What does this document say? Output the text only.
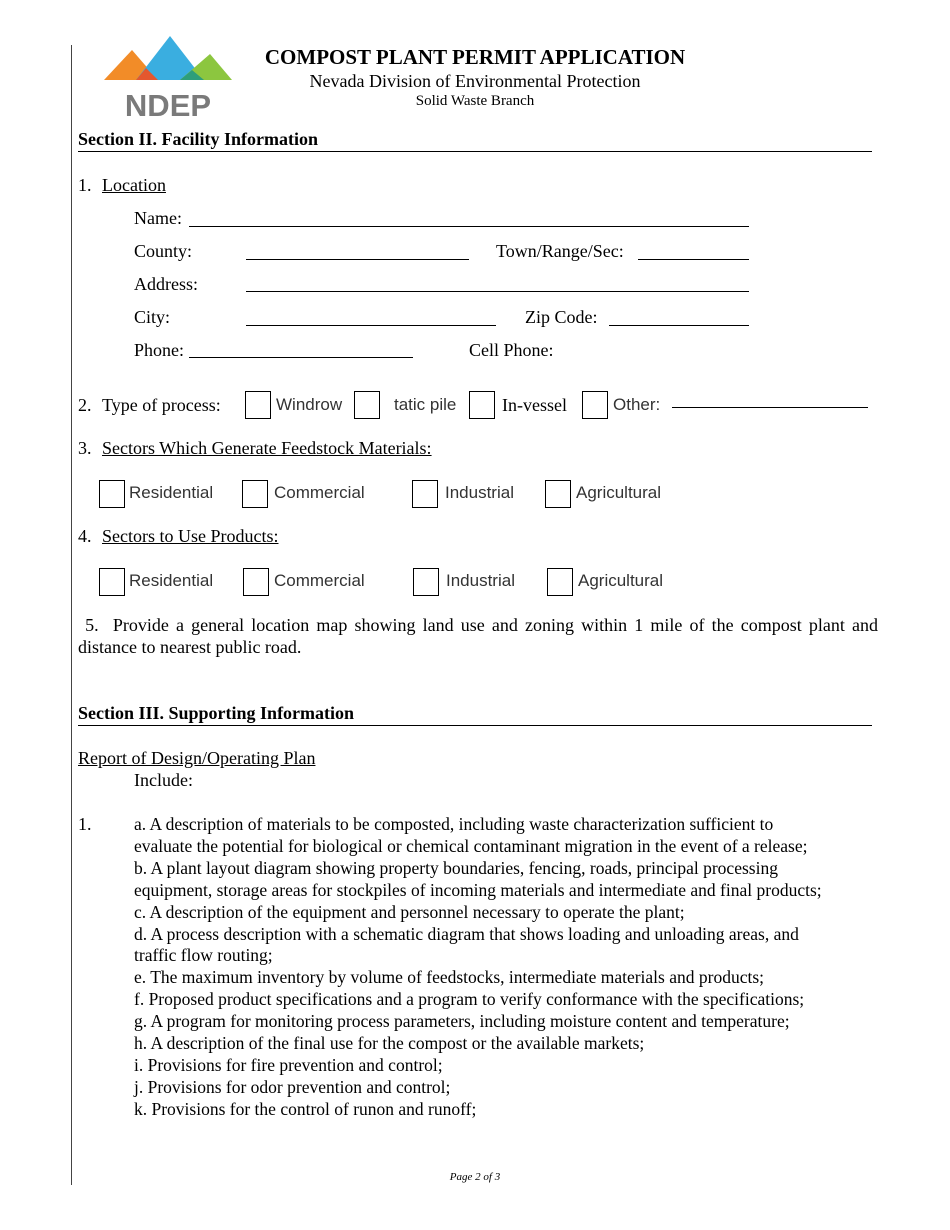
NDEP
COMPOST PLANT PERMIT APPLICATION
Nevada Division of Environmental Protection
Solid Waste Branch
Section II. Facility Information
1. Location
Name:
County:	Town/Range/Sec:
Address:
City:	Zip Code:
Phone:	Cell Phone:
2. Type of process:	Windrow	tatic pile	In-vessel	Other:
3. Sectors Which Generate Feedstock Materials:
Residential	Commercial	Industrial	Agricultural
4. Sectors to Use Products:
Residential	Commercial	Industrial	Agricultural
5.  Provide a general location map showing land use and zoning within 1 mile of the compost plant and distance to nearest public road.
Section III. Supporting Information
Report of Design/Operating Plan
Include:
1. a. A description of materials to be composted, including waste characterization sufficient to
evaluate the potential for biological or chemical contaminant migration in the event of a release;
b. A plant layout diagram showing property boundaries, fencing, roads, principal processing
equipment, storage areas for stockpiles of incoming materials and intermediate and final products;
c. A description of the equipment and personnel necessary to operate the plant;
d. A process description with a schematic diagram that shows loading and unloading areas, and
traffic flow routing;
e. The maximum inventory by volume of feedstocks, intermediate materials and products;
f. Proposed product specifications and a program to verify conformance with the specifications;
g. A program for monitoring process parameters, including moisture content and temperature;
h. A description of the final use for the compost or the available markets;
i. Provisions for fire prevention and control;
j. Provisions for odor prevention and control;
k. Provisions for the control of runon and runoff;
Page 2 of 3
